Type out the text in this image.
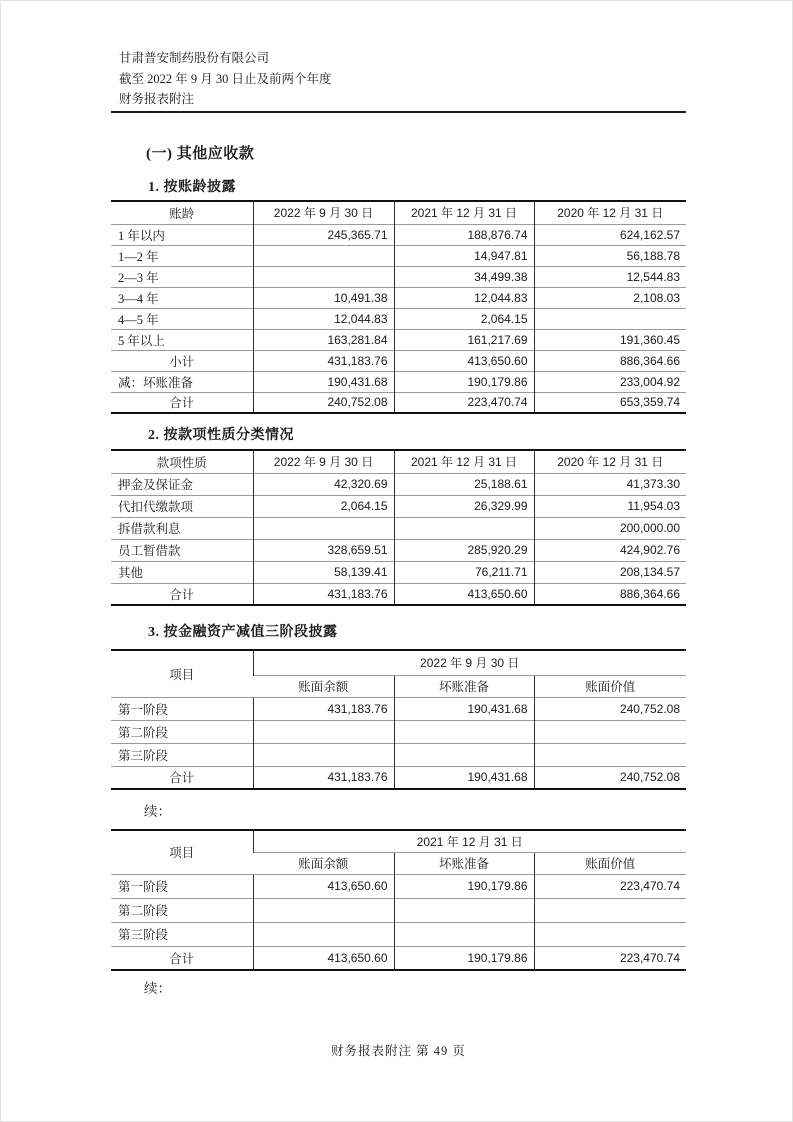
甘肃普安制药股份有限公司
截至 2022 年 9 月 30 日止及前两个年度
财务报表附注
(一) 其他应收款
1. 按账龄披露
账龄	2022 年 9 月 30 日	2021 年 12 月 31 日	2020 年 12 月 31 日
1 年以内	245,365.71	188,876.74	624,162.57
1—2 年		14,947.81	56,188.78
2—3 年		34,499.38	12,544.83
3—4 年	10,491.38	12,044.83	2,108.03
4—5 年	12,044.83	2,064.15	
5 年以上	163,281.84	161,217.69	191,360.45
小计	431,183.76	413,650.60	886,364.66
减：坏账准备	190,431.68	190,179.86	233,004.92
合计	240,752.08	223,470.74	653,359.74
2. 按款项性质分类情况
款项性质	2022 年 9 月 30 日	2021 年 12 月 31 日	2020 年 12 月 31 日
押金及保证金	42,320.69	25,188.61	41,373.30
代扣代缴款项	2,064.15	26,329.99	11,954.03
拆借款利息			200,000.00
员工暂借款	328,659.51	285,920.29	424,902.76
其他	58,139.41	76,211.71	208,134.57
合计	431,183.76	413,650.60	886,364.66
3. 按金融资产减值三阶段披露
项目	2022 年 9 月 30 日		
	账面余额	坏账准备	账面价值
第一阶段	431,183.76	190,431.68	240,752.08
第二阶段			
第三阶段			
合计	431,183.76	190,431.68	240,752.08
续：
项目	2021 年 12 月 31 日		
	账面余额	坏账准备	账面价值
第一阶段	413,650.60	190,179.86	223,470.74
第二阶段			
第三阶段			
合计	413,650.60	190,179.86	223,470.74
续：
财务报表附注 第 49 页
